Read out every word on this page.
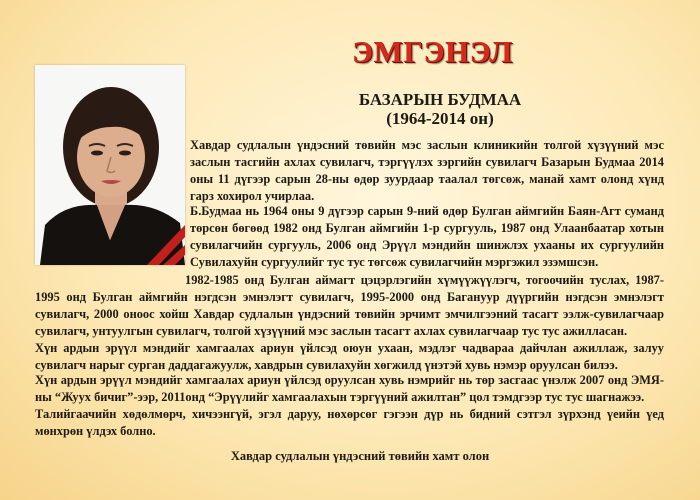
ЭМГЭНЭЛ
БАЗАРЫН БУДМАА
(1964-2014 он)
Хавдар судлалын үндэсний төвийн мэс заслын клиникийн толгой хүзүүний мэс заслын тасгийн ахлах сувилагч, тэргүүлэх зэргийн сувилагч Базарын Будмаа 2014 оны 11 дүгээр сарын 28-ны өдөр зуурдаар таалал төгсөж, манай хамт олонд хүнд гарз хохирол учирлаа.
Б.Будмаа нь 1964 оны 9 дүгээр сарын 9-ний өдөр Булган аймгийн Баян-Агт суманд төрсөн бөгөөд 1982 онд Булган аймгийн 1-р сургууль, 1987 онд Улаанбаатар хотын сувилагчийн сургууль, 2006 онд Эрүүл мэндийн шинжлэх ухааны их сургуулийн Сувилахуйн сургуулийг тус тус төгсөж сувилагчийн мэргэжил эзэмшсэн.
1982-1985 онд Булган аймагт цэцэрлэгийн хүмүүжүүлэгч, тогоочийн туслах, 1987-1995 онд Булган аймгийн нэгдсэн эмнэлэгт сувилагч, 1995-2000 онд Багануур дүүргийн нэгдсэн эмнэлэгт сувилагч, 2000 оноос хойш Хавдар судлалын үндэсний төвийн эрчимт эмчилгээний тасагт ээлж-сувилагчаар сувилагч, унтуулгын сувилагч, толгой хүзүүний мэс заслын тасагт ахлах сувилагчаар тус тус ажилласан.
Хүн ардын эрүүл мэндийг хамгаалах ариун үйлсэд оюун ухаан, мэдлэг чадвараа дайчлан ажиллаж, залуу сувилагч нарыг сурган даддагажуулж, хавдрын сувилахуйн хөгжилд үнэтэй хувь нэмэр оруулсан билээ.
Хүн ардын эрүүл мэндийг хамгаалах ариун үйлсэд оруулсан хувь нэмрийг нь төр засгаас үнэлж 2007 онд ЭМЯ-ны “Жуух бичиг”-ээр, 2011онд “Эрүүлийг хамгаалахын тэргүүний ажилтан” цол тэмдгээр тус тус шагнажээ.
Талийгаачийн хөдөлмөрч, хичээнгүй, эгэл даруу, нөхөрсөг гэгээн дүр нь бидний сэтгэл зүрхэнд үеийн үед мөнхрөн үлдэх болно.
Хавдар судлалын үндэсний төвийн хамт олон
